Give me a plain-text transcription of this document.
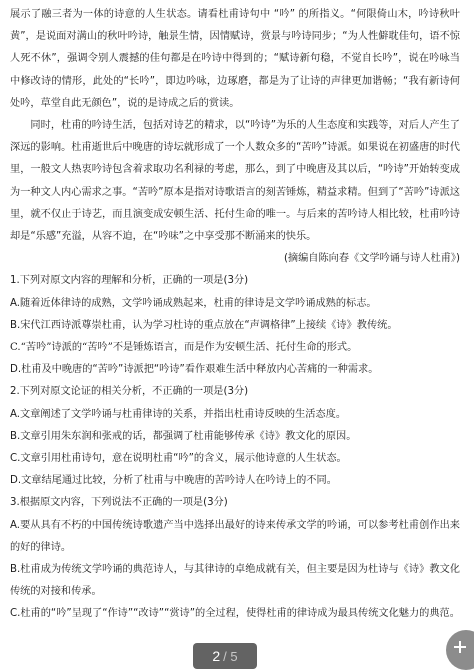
展示了融三者为一体的诗意的人生状态。请看杜甫诗句中 “吟” 的所指义。“何限倚山木，吟诗秋叶黄”，是说面对满山的秋叶吟诗，触景生情，因情赋诗，赏景与吟诗同步；“为人性僻耽佳句，语不惊人死不休”，强调令别人震撼的佳句都是在吟诗中得到的；“赋诗新句稳，不觉自长吟”，说在吟咏当中修改诗的情形，此处的“长吟”，即边吟咏，边琢磨，都是为了让诗的声律更加谐畅；“我有新诗何处吟，草堂自此无颜色”，说的是诗成之后的赏读。

同时，杜甫的吟诗生活，包括对诗艺的精求，以“吟诗”为乐的人生态度和实践等，对后人产生了深远的影响。杜甫逝世后中晚唐的诗坛就形成了一个人数众多的“苦吟”诗派。如果说在初盛唐的时代里，一般文人热衷吟诗包含着求取功名利禄的考虑，那么，到了中晚唐及其以后，“吟诗”开始转变成为一种文人内心需求之事。“苦吟”原本是指对诗歌语言的刻苦锤炼，精益求精。但到了“苦吟”诗派这里，就不仅止于诗艺，而且演变成安顿生活、托付生命的唯一。与后来的苦吟诗人相比较，杜甫吟诗却是“乐感”充溢，从容不迫，在“吟味”之中享受那不断涌来的快乐。

(摘编自陈向春《文学吟诵与诗人杜甫》)

1.下列对原文内容的理解和分析，正确的一项是(3分)

A.随着近体律诗的成熟，文学吟诵成熟起来，杜甫的律诗是文学吟诵成熟的标志。

B.宋代江西诗派尊崇杜甫，认为学习杜诗的重点放在“声调格律”上接续《诗》教传统。

C.“苦吟”诗派的“苦吟”不是锤炼语言，而是作为安顿生活、托付生命的形式。

D.杜甫及中晚唐的“苦吟”诗派把“吟诗”看作艰难生活中释放内心苦痛的一种需求。

2.下列对原文论证的相关分析，不正确的一项是(3分)

A.文章阐述了文学吟诵与杜甫律诗的关系，并指出杜甫诗反映的生活态度。

B.文章引用朱东润和张戒的话，都强调了杜甫能够传承《诗》教文化的原因。

C.文章引用杜甫诗句，意在说明杜甫“吟”的含义，展示他诗意的人生状态。

D.文章结尾通过比较，分析了杜甫与中晚唐的苦吟诗人在吟诗上的不同。

3.根据原文内容，下列说法不正确的一项是(3分)

A.要从具有不朽的中国传统诗歌遗产当中选择出最好的诗来传承文学的吟诵，可以参考杜甫创作出来的好的律诗。

B.杜甫成为传统文学吟诵的典范诗人，与其律诗的卓绝成就有关，但主要是因为杜诗与《诗》教文化传统的对接和传承。

C.杜甫的“吟”呈现了“作诗”“改诗”“赏诗”的全过程，使得杜甫的律诗成为最具传统文化魅力的典范。

2 / 5
